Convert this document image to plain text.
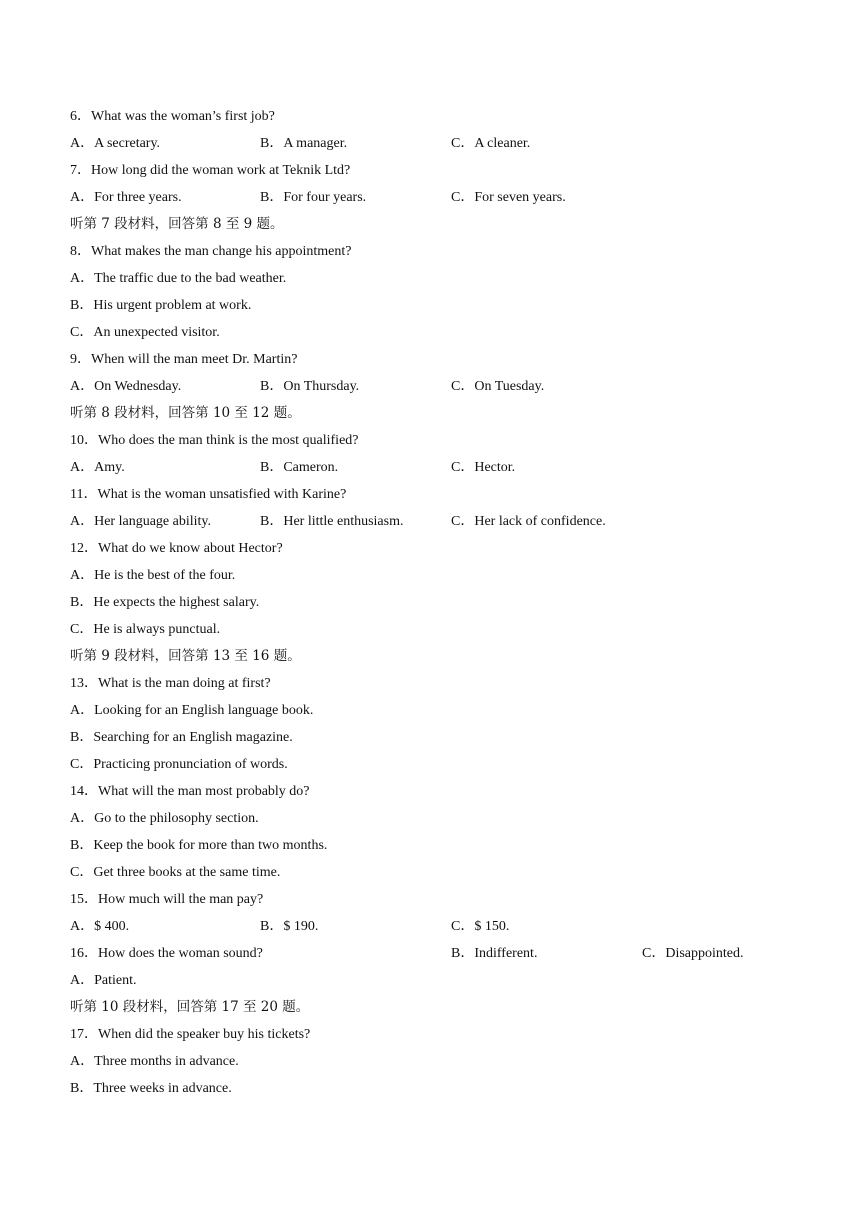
6．What was the woman’s first job?
A．A secretary.	B．A manager.	C．A cleaner.
7．How long did the woman work at Teknik Ltd?
A．For three years.	B．For four years.	C．For seven years.
听第 7 段材料，回答第 8 至 9 题。
8．What makes the man change his appointment?
A．The traffic due to the bad weather.
B．His urgent problem at work.
C．An unexpected visitor.
9．When will the man meet Dr. Martin?
A．On Wednesday.	B．On Thursday.	C．On Tuesday.
听第 8 段材料，回答第 10 至 12 题。
10．Who does the man think is the most qualified?
A．Amy.	B．Cameron.	C．Hector.
11．What is the woman unsatisfied with Karine?
A．Her language ability.	B．Her little enthusiasm.	C．Her lack of confidence.
12．What do we know about Hector?
A．He is the best of the four.
B．He expects the highest salary.
C．He is always punctual.
听第 9 段材料，回答第 13 至 16 题。
13．What is the man doing at first?
A．Looking for an English language book.
B．Searching for an English magazine.
C．Practicing pronunciation of words.
14．What will the man most probably do?
A．Go to the philosophy section.
B．Keep the book for more than two months.
C．Get three books at the same time.
15．How much will the man pay?
A．$ 400.	B．$ 190.	C．$ 150.
16．How does the woman sound?	B．Indifferent.	C．Disappointed.
A．Patient.
听第 10 段材料，回答第 17 至 20 题。
17．When did the speaker buy his tickets?
A．Three months in advance.
B．Three weeks in advance.
